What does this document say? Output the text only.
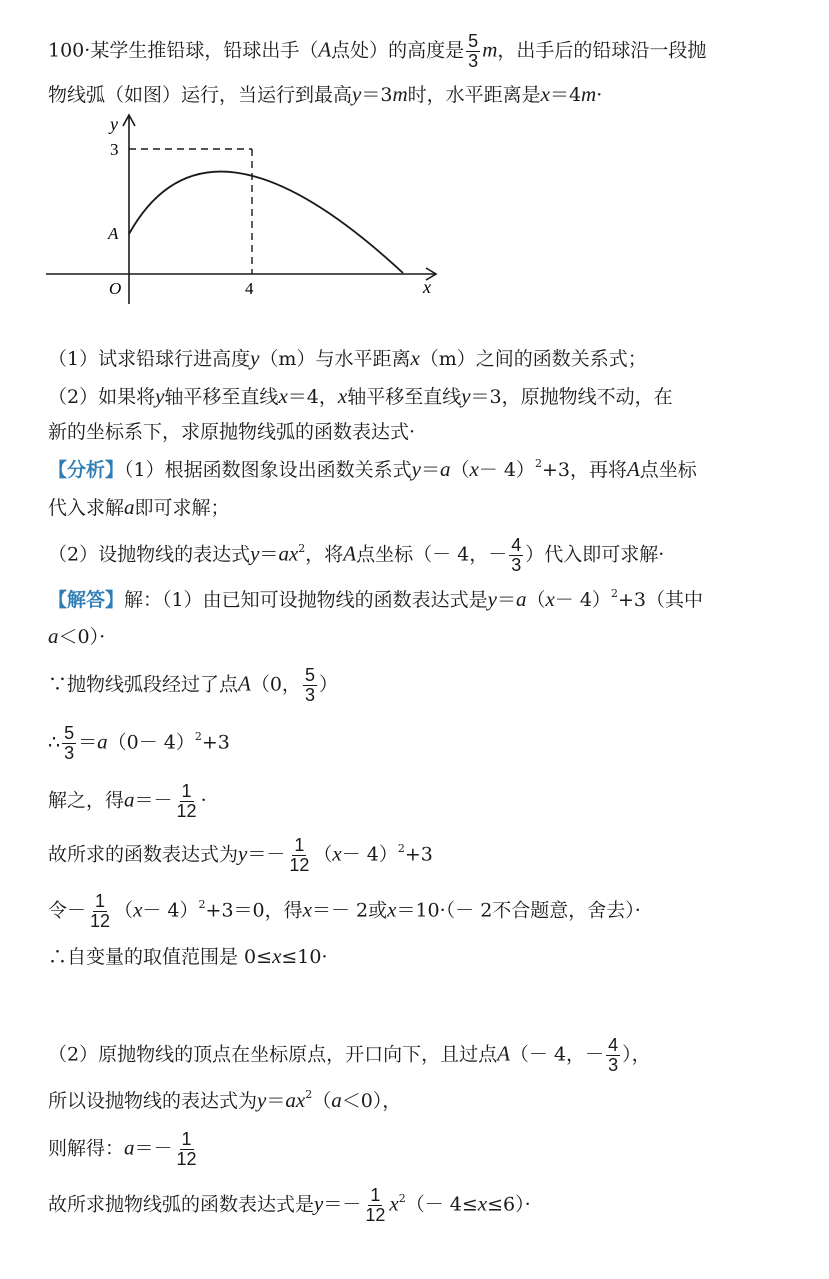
100·某学生推铅球，铅球出手（A点处）的高度是 $\frac{5}{3}$ m，出手后的铅球沿一段抛
物线弧（如图）运行，当运行到最高y＝3m时，水平距离是x＝4m·
y
x
3
A
O	4
（1）试求铅球行进高度y（m）与水平距离x（m）之间的函数关系式；
（2）如果将y轴平移至直线x＝4，x轴平移至直线y＝3，原抛物线不动，在
新的坐标系下，求原抛物线弧的函数表达式·
【分析】（1）根据函数图象设出函数关系式$y=a(x- 4)^2+3$，再将A点坐标
代入求解a即可求解；
（2）设抛物线的表达式$y=ax^2$，将A点坐标（－ 4，－ $\frac{4}{3}$ ）代入即可求解·
【解答】解：（1）由已知可设抛物线的函数表达式是$y=a(x- 4)^2+3$（其中
a＜0）·
∵抛物线弧段经过了点A（0， $\frac{5}{3}$ ）
∴ $\frac{5}{3} =a(0- 4)^2+3$
解之，得$a=- \frac{1}{12}$ ·
故所求的函数表达式为$y=- \frac{1}{12} (x- 4)^2+3$
令－ $\frac{1}{12} (x- 4)^2+3=0$，得x＝－ 2或x＝10·（－ 2不合题意，舍去）·
∴自变量的取值范围是 0≤x≤10·
（2）原抛物线的顶点在坐标原点，开口向下，且过点A（－ 4，－ $\frac{4}{3}$ ），
所以设抛物线的表达式为$y=ax^2(a<0)$，
则解得：$a=- \frac{1}{12}$
故所求抛物线弧的函数表达式是$y=- \frac{1}{12} x^2(- 4\le x\le 6)\cdot$
